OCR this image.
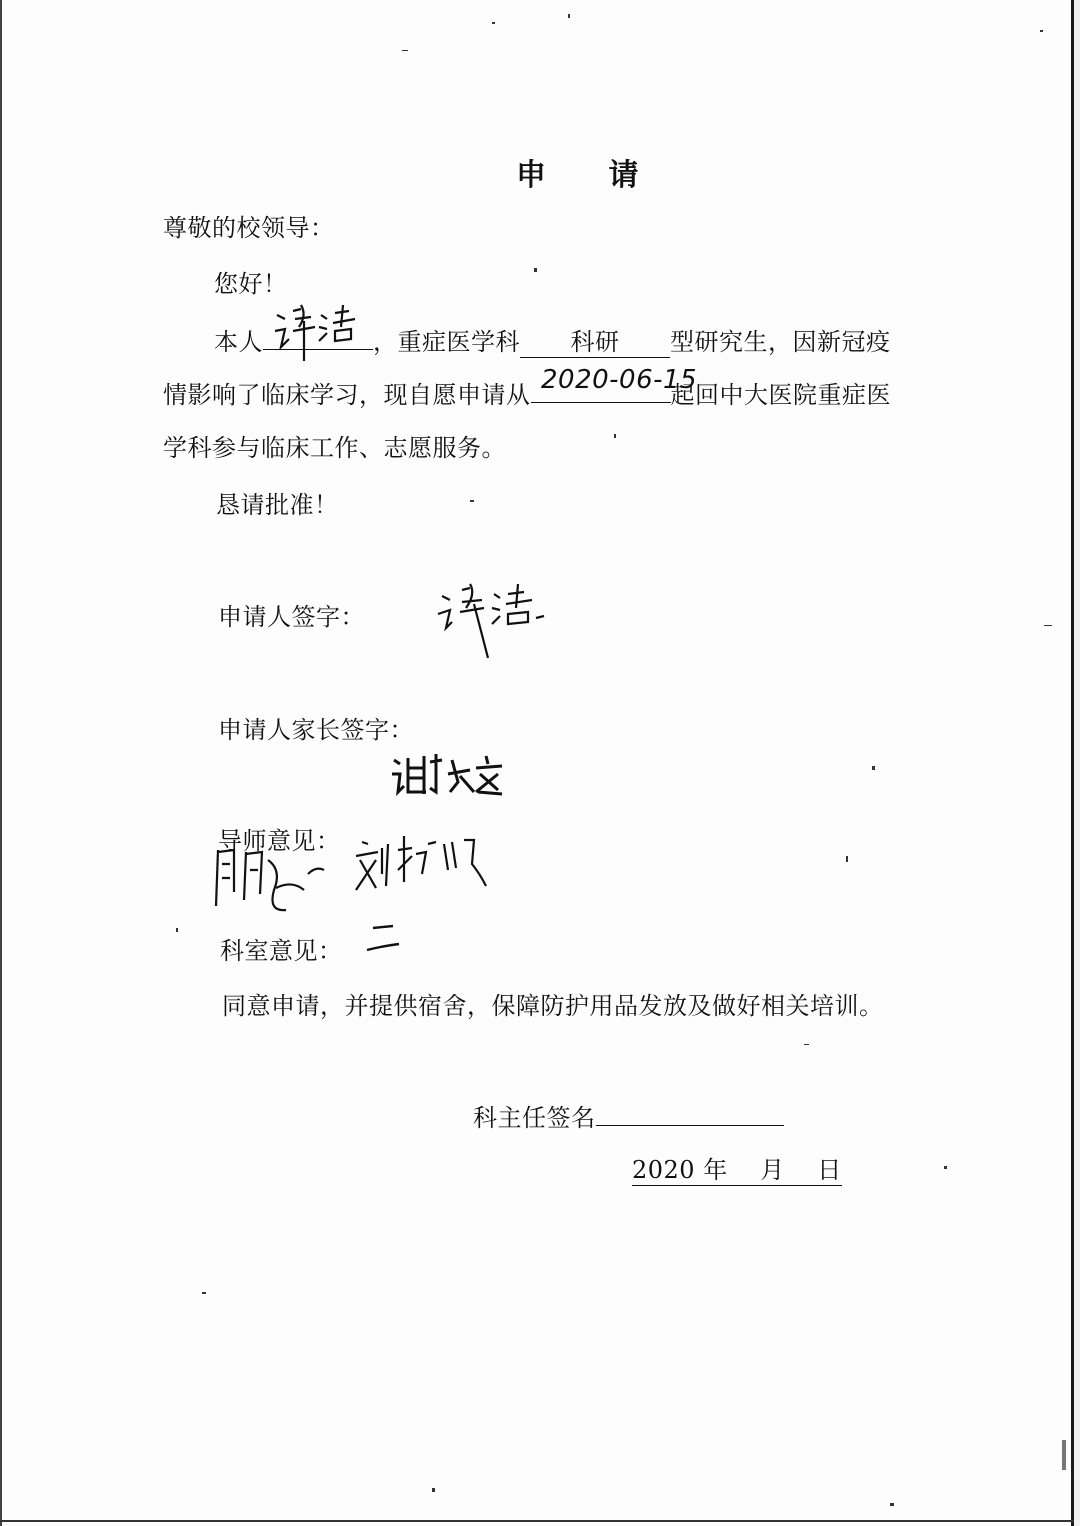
申 请
尊敬的校领导：
您好！
本人	，重症医学科 科研 型研究生，因新冠疫
情影响了临床学习，现自愿申请从 2020-06-15
起回中大医院重症医
学科参与临床工作、志愿服务。
恳请批准！
申请人签字：
申请人家长签字：
导师意见：
科室意见：
同意申请，并提供宿舍，保障防护用品发放及做好相关培训。
科主任签名
2020 年 月 日
